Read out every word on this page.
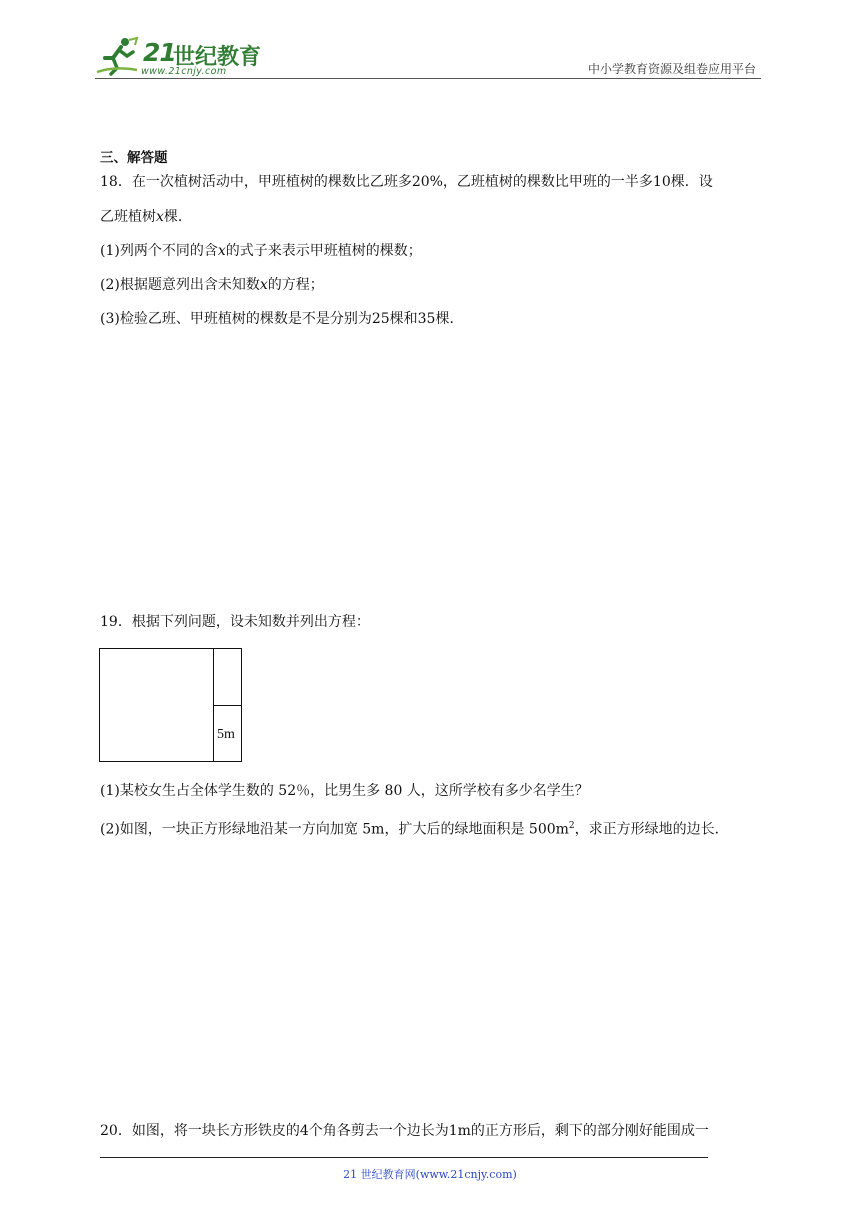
21
世纪教育
www.21cnjy.com	中小学教育资源及组卷应用平台
三、解答题
18．在一次植树活动中，甲班植树的棵数比乙班多20%，乙班植树的棵数比甲班的一半多10棵．设
乙班植树x棵．
(1)列两个不同的含x的式子来表示甲班植树的棵数；
(2)根据题意列出含未知数x的方程；
(3)检验乙班、甲班植树的棵数是不是分别为25棵和35棵．
19．根据下列问题，设未知数并列出方程：
5m
(1)某校女生占全体学生数的 52％，比男生多 80 人，这所学校有多少名学生？
(2)如图，一块正方形绿地沿某一方向加宽 5m，扩大后的绿地面积是 $500m^2$，求正方形绿地的边长．
20．如图，将一块长方形铁皮的4个角各剪去一个边长为1m的正方形后，剩下的部分刚好能围成一
21 世纪教育网(www.21cnjy.com)
